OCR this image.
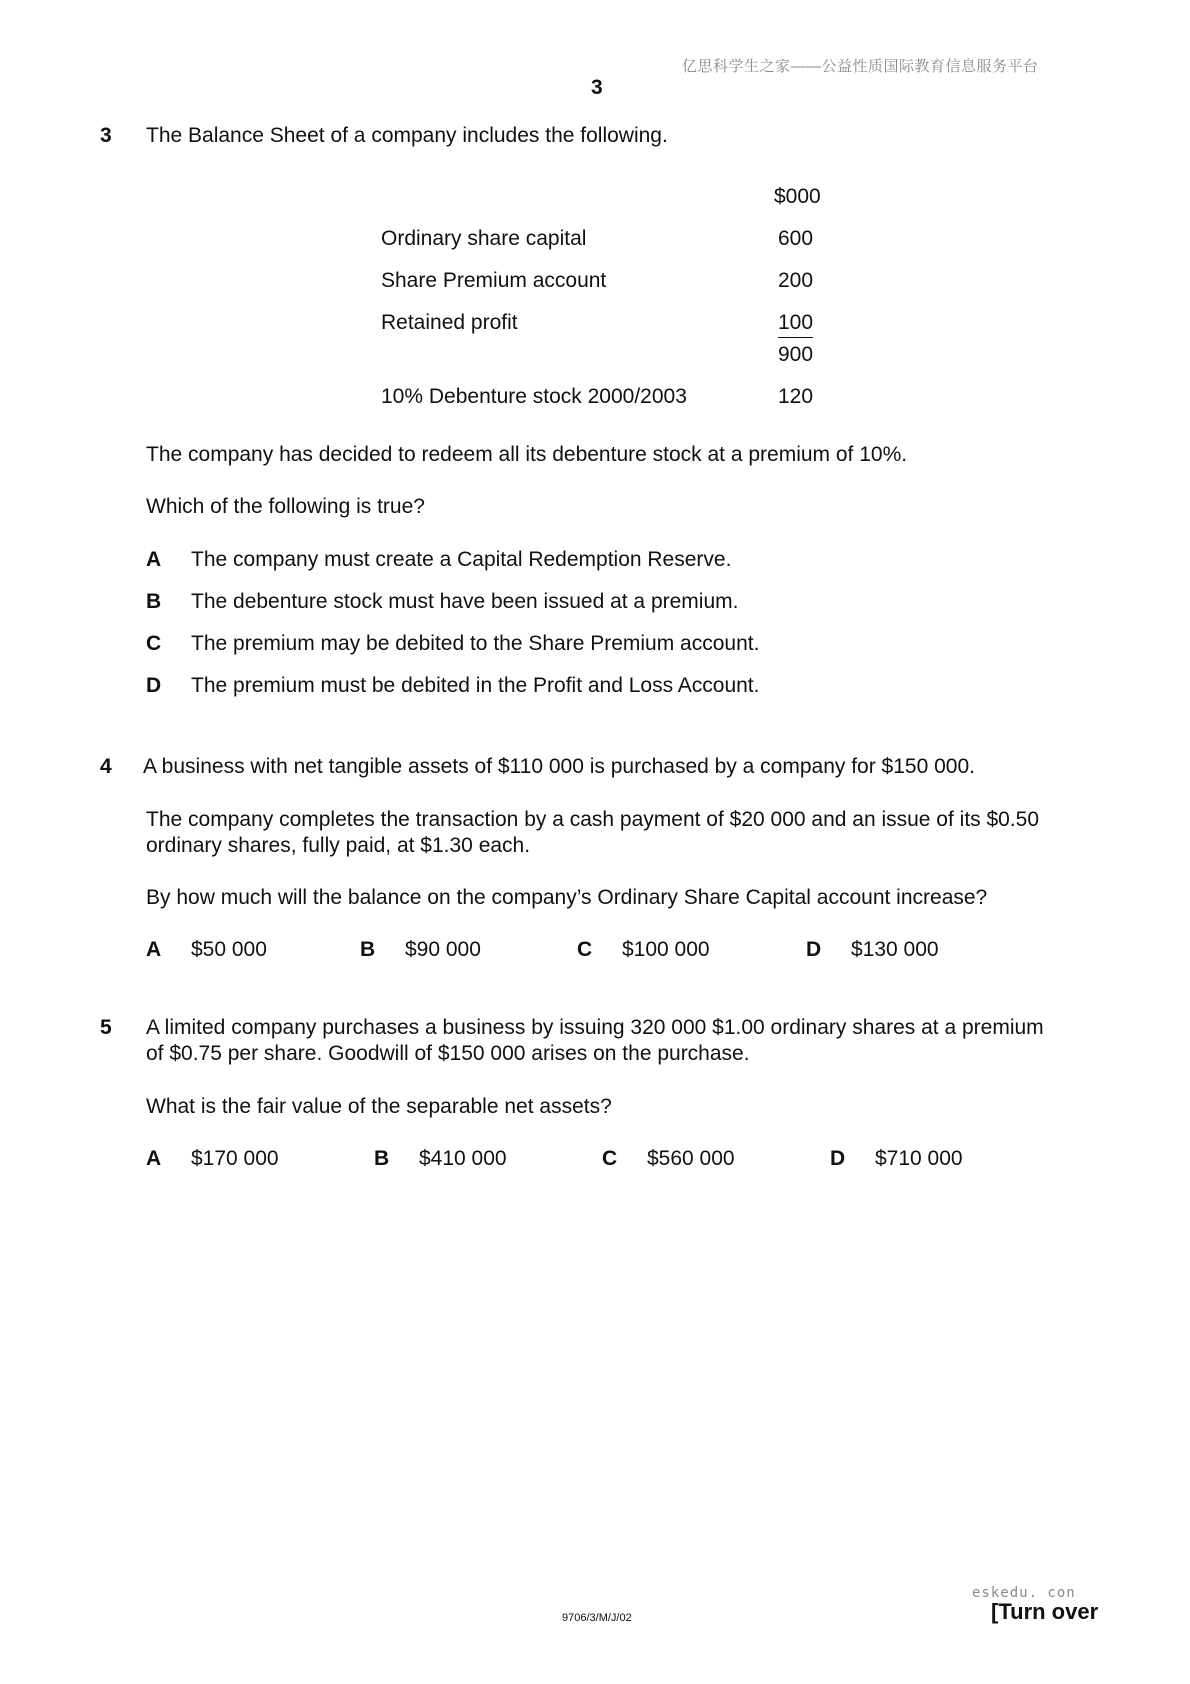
亿思科学生之家——公益性质国际教育信息服务平台
3
3 The Balance Sheet of a company includes the following.
$000
Ordinary share capital	600
Share Premium account	200
Retained profit	100
900
10% Debenture stock 2000/2003	120
The company has decided to redeem all its debenture stock at a premium of 10%.
Which of the following is true?
A The company must create a Capital Redemption Reserve.
B The debenture stock must have been issued at a premium.
C The premium may be debited to the Share Premium account.
D The premium must be debited in the Profit and Loss Account.
4 A business with net tangible assets of $110 000 is purchased by a company for $150 000.
The company completes the transaction by a cash payment of $20 000 and an issue of its $0.50
ordinary shares, fully paid, at $1.30 each.
By how much will the balance on the company’s Ordinary Share Capital account increase?
A $50 000	B $90 000	C $100 000	D $130 000
5 A limited company purchases a business by issuing 320 000 $1.00 ordinary shares at a premium
of $0.75 per share. Goodwill of $150 000 arises on the purchase.
What is the fair value of the separable net assets?
A $170 000	B $410 000	C $560 000	D $710 000
eskedu. con
9706/3/M/J/02	[Turn over
